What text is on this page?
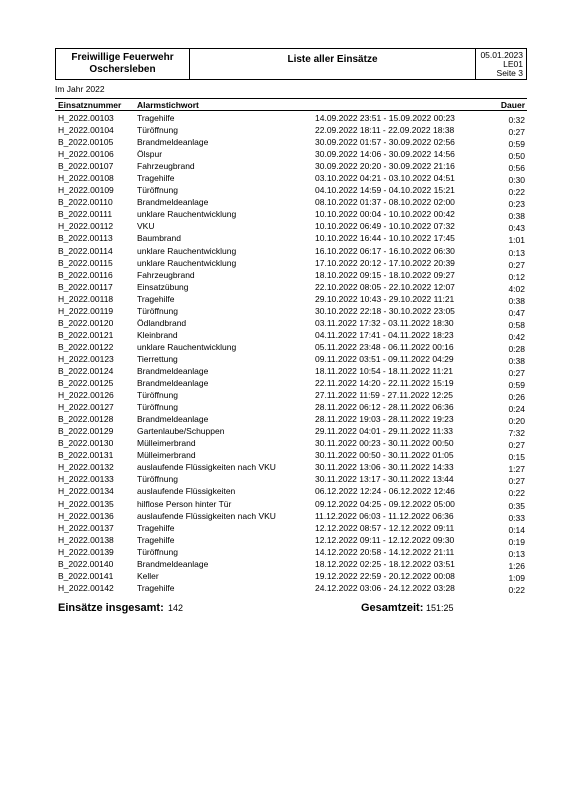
Freiwillige Feuerwehr
Oschersleben
Liste aller Einsätze	05.01.2023
LE01
Seite 3
Im Jahr 2022
Einsatznummer Alarmstichwort	Dauer
H_2022.00103	Tragehilfe	14.09.2022 23:51 - 15.09.2022 00:23	0:32
H_2022.00104	Türöffnung	22.09.2022 18:11 - 22.09.2022 18:38	0:27
B_2022.00105	Brandmeldeanlage	30.09.2022 01:57 - 30.09.2022 02:56	0:59
H_2022.00106	Ölspur	30.09.2022 14:06 - 30.09.2022 14:56	0:50
B_2022.00107	Fahrzeugbrand	30.09.2022 20:20 - 30.09.2022 21:16	0:56
H_2022.00108	Tragehilfe	03.10.2022 04:21 - 03.10.2022 04:51	0:30
H_2022.00109	Türöffnung	04.10.2022 14:59 - 04.10.2022 15:21	0:22
B_2022.00110	Brandmeldeanlage	08.10.2022 01:37 - 08.10.2022 02:00	0:23
B_2022.00111	unklare Rauchentwicklung	10.10.2022 00:04 - 10.10.2022 00:42	0:38
H_2022.00112	VKU	10.10.2022 06:49 - 10.10.2022 07:32	0:43
B_2022.00113	Baumbrand	10.10.2022 16:44 - 10.10.2022 17:45	1:01
B_2022.00114	unklare Rauchentwicklung	16.10.2022 06:17 - 16.10.2022 06:30	0:13
B_2022.00115	unklare Rauchentwicklung	17.10.2022 20:12 - 17.10.2022 20:39	0:27
B_2022.00116	Fahrzeugbrand	18.10.2022 09:15 - 18.10.2022 09:27	0:12
B_2022.00117	Einsatzübung	22.10.2022 08:05 - 22.10.2022 12:07	4:02
H_2022.00118	Tragehilfe	29.10.2022 10:43 - 29.10.2022 11:21	0:38
H_2022.00119	Türöffnung	30.10.2022 22:18 - 30.10.2022 23:05	0:47
B_2022.00120	Ödlandbrand	03.11.2022 17:32 - 03.11.2022 18:30	0:58
B_2022.00121	Kleinbrand	04.11.2022 17:41 - 04.11.2022 18:23	0:42
B_2022.00122	unklare Rauchentwicklung	05.11.2022 23:48 - 06.11.2022 00:16	0:28
H_2022.00123	Tierrettung	09.11.2022 03:51 - 09.11.2022 04:29	0:38
B_2022.00124	Brandmeldeanlage	18.11.2022 10:54 - 18.11.2022 11:21	0:27
B_2022.00125	Brandmeldeanlage	22.11.2022 14:20 - 22.11.2022 15:19	0:59
H_2022.00126	Türöffnung	27.11.2022 11:59 - 27.11.2022 12:25	0:26
H_2022.00127	Türöffnung	28.11.2022 06:12 - 28.11.2022 06:36	0:24
B_2022.00128	Brandmeldeanlage	28.11.2022 19:03 - 28.11.2022 19:23	0:20
B_2022.00129	Gartenlaube/Schuppen	29.11.2022 04:01 - 29.11.2022 11:33	7:32
B_2022.00130	Mülleimerbrand	30.11.2022 00:23 - 30.11.2022 00:50	0:27
B_2022.00131	Mülleimerbrand	30.11.2022 00:50 - 30.11.2022 01:05	0:15
H_2022.00132	auslaufende Flüssigkeiten nach VKU	30.11.2022 13:06 - 30.11.2022 14:33	1:27
H_2022.00133	Türöffnung	30.11.2022 13:17 - 30.11.2022 13:44	0:27
H_2022.00134	auslaufende Flüssigkeiten	06.12.2022 12:24 - 06.12.2022 12:46	0:22
H_2022.00135	hilflose Person hinter Tür	09.12.2022 04:25 - 09.12.2022 05:00	0:35
H_2022.00136	auslaufende Flüssigkeiten nach VKU	11.12.2022 06:03 - 11.12.2022 06:36	0:33
H_2022.00137	Tragehilfe	12.12.2022 08:57 - 12.12.2022 09:11	0:14
H_2022.00138	Tragehilfe	12.12.2022 09:11 - 12.12.2022 09:30	0:19
H_2022.00139	Türöffnung	14.12.2022 20:58 - 14.12.2022 21:11	0:13
B_2022.00140	Brandmeldeanlage	18.12.2022 02:25 - 18.12.2022 03:51	1:26
B_2022.00141	Keller	19.12.2022 22:59 - 20.12.2022 00:08	1:09
H_2022.00142	Tragehilfe	24.12.2022 03:06 - 24.12.2022 03:28	0:22
Einsätze insgesamt: 142	Gesamtzeit: 151:25
